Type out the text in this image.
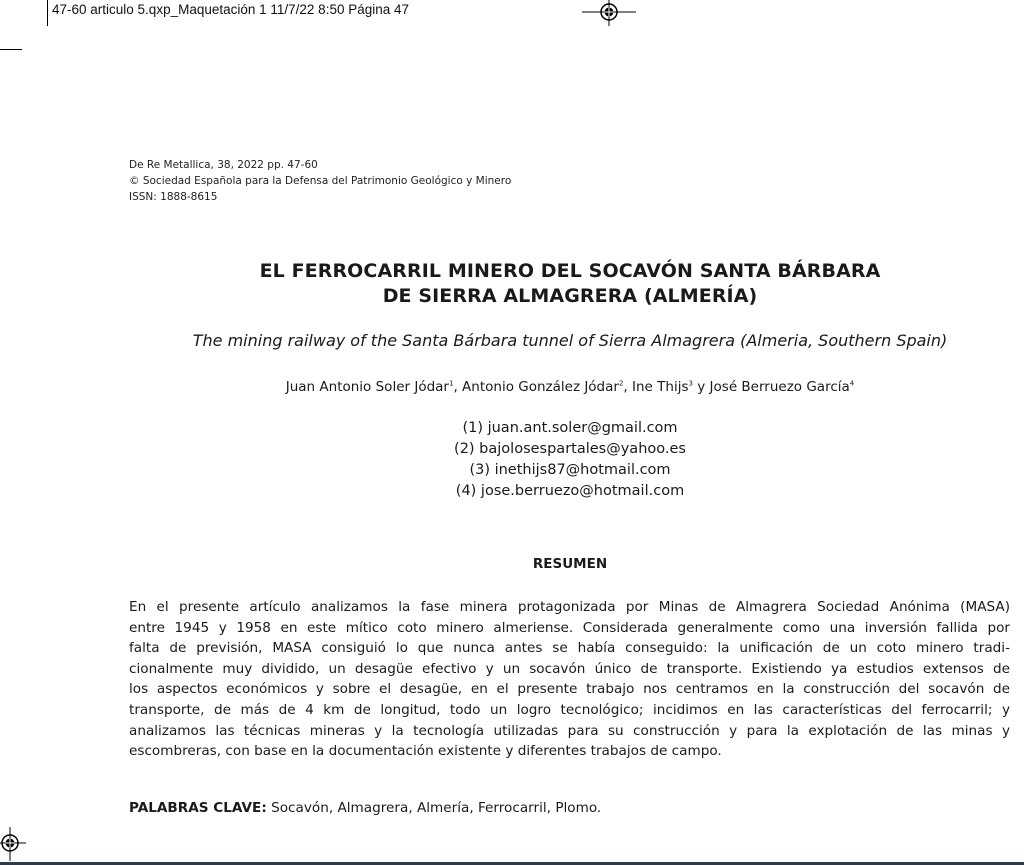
47-60 articulo 5.qxp_Maquetación 1 11/7/22 8:50 Página 47
De Re Metallica, 38, 2022 pp. 47-60
© Sociedad Española para la Defensa del Patrimonio Geológico y Minero
ISSN: 1888-8615
EL FERROCARRIL MINERO DEL SOCAVÓN SANTA BÁRBARA
DE SIERRA ALMAGRERA (ALMERÍA)
The mining railway of the Santa Bárbara tunnel of Sierra Almagrera (Almeria, Southern Spain)
Juan Antonio Soler Jódar$^1$, Antonio González Jódar$^2$, Ine Thijs$^3$ y José Berruezo García$^4$
(1) juan.ant.soler@gmail.com
(2) bajolosespartales@yahoo.es
(3) inethijs87@hotmail.com
(4) jose.berruezo@hotmail.com
RESUMEN
En el presente artículo analizamos la fase minera protagonizada por Minas de Almagrera Sociedad Anónima (MASA)
entre 1945 y 1958 en este mítico coto minero almeriense. Considerada generalmente como una inversión fallida por
falta de previsión, MASA consiguió lo que nunca antes se había conseguido: la unificación de un coto minero tradi-
cionalmente muy dividido, un desagüe efectivo y un socavón único de transporte. Existiendo ya estudios extensos de
los aspectos económicos y sobre el desagüe, en el presente trabajo nos centramos en la construcción del socavón de
transporte, de más de 4 km de longitud, todo un logro tecnológico; incidimos en las características del ferrocarril; y
analizamos las técnicas mineras y la tecnología utilizadas para su construcción y para la explotación de las minas y
escombreras, con base en la documentación existente y diferentes trabajos de campo.
PALABRAS CLAVE: Socavón, Almagrera, Almería, Ferrocarril, Plomo.
